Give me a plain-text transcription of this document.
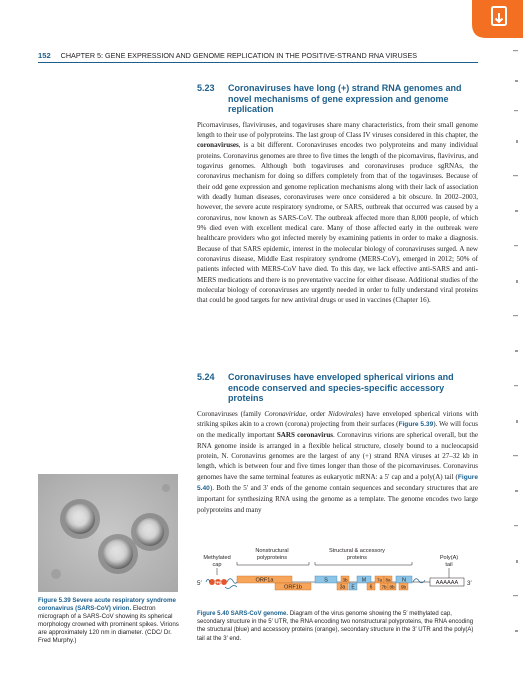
152 CHAPTER 5: GENE EXPRESSION AND GENOME REPLICATION IN THE POSITIVE-STRAND RNA VIRUSES
5.23 Coronaviruses have long (+) strand RNA genomes and novel mechanisms of gene expression and genome replication
Picornaviruses, flaviviruses, and togaviruses share many characteristics, from their small genome length to their use of polyproteins. The last group of Class IV viruses considered in this chapter, the coronaviruses, is a bit different. Coronaviruses encodes two polyproteins and many individual proteins. Coronavirus genomes are three to five times the length of the picornavirus, flavivirus, and togavirus genomes. Although both togaviruses and coronaviruses produce sgRNAs, the coronavirus mechanism for doing so differs completely from that of the togaviruses. Because of their odd gene expression and genome replication mechanisms along with their lack of association with deadly human diseases, coronaviruses were once considered a bit obscure. In 2002–2003, however, the severe acute respiratory syndrome, or SARS, outbreak that occurred was caused by a coronavirus, now known as SARS-CoV. The outbreak affected more than 8,000 people, of which 9% died even with excellent medical care. Many of those affected early in the outbreak were healthcare providers who got infected merely by examining patients in order to make a diagnosis. Because of that SARS epidemic, interest in the molecular biology of coronaviruses surged. A new coronavirus disease, Middle East respiratory syndrome (MERS-CoV), emerged in 2012; 50% of patients infected with MERS-CoV have died. To this day, we lack effective anti-SARS and anti-MERS medications and there is no preventative vaccine for either disease. Additional studies of the molecular biology of coronaviruses are urgently needed in order to fully understand viral proteins that could be good targets for new antiviral drugs or used in vaccines (Chapter 16).
5.24 Coronaviruses have enveloped spherical virions and encode conserved and species-specific accessory proteins
Coronaviruses (family Coronaviridae, order Nidovirales) have enveloped spherical virions with striking spikes akin to a crown (corona) projecting from their surfaces (Figure 5.39). We will focus on the medically important SARS coronavirus. Coronavirus virions are spherical overall, but the RNA genome inside is arranged in a flexible helical structure, closely bound to a nucleocapsid protein, N. Coronavirus genomes are the largest of any (+) strand RNA viruses at 27–32 kb in length, which is between four and five times longer than those of the picornaviruses. Coronavirus genomes have the same terminal features as eukaryotic mRNA: a 5′ cap and a poly(A) tail (Figure 5.40). Both the 5′ and 3′ ends of the genome contain sequences and secondary structures that are important for synthesizing RNA using the genome as a template. The genome encodes two large polyproteins and many
Figure 5.39 Severe acute respiratory syndrome coronavirus (SARS-CoV) virion. Electron micrograph of a SARS-CoV showing its spherical morphology crowned with prominent spikes. Virions are approximately 120 nm in diameter. (CDC/ Dr. Fred Murphy.)
Methylated
cap
Nonstructural
polyproteins
Structural & accessory
proteins	Poly(A)
tail
5′	PPP	ORF1a
ORF1b
S
3a
3b
E
M
6
7a
7b
8a
8b
N
9b
AAAAAA 3′
Figure 5.40 SARS-CoV genome. Diagram of the virus genome showing the 5′ methylated cap, secondary structure in the 5′ UTR, the RNA encoding two nonstructural polyproteins, the RNA encoding the structural (blue) and accessory proteins (orange), secondary structure in the 3′ UTR and the poly(A) tail at the 3′ end.
